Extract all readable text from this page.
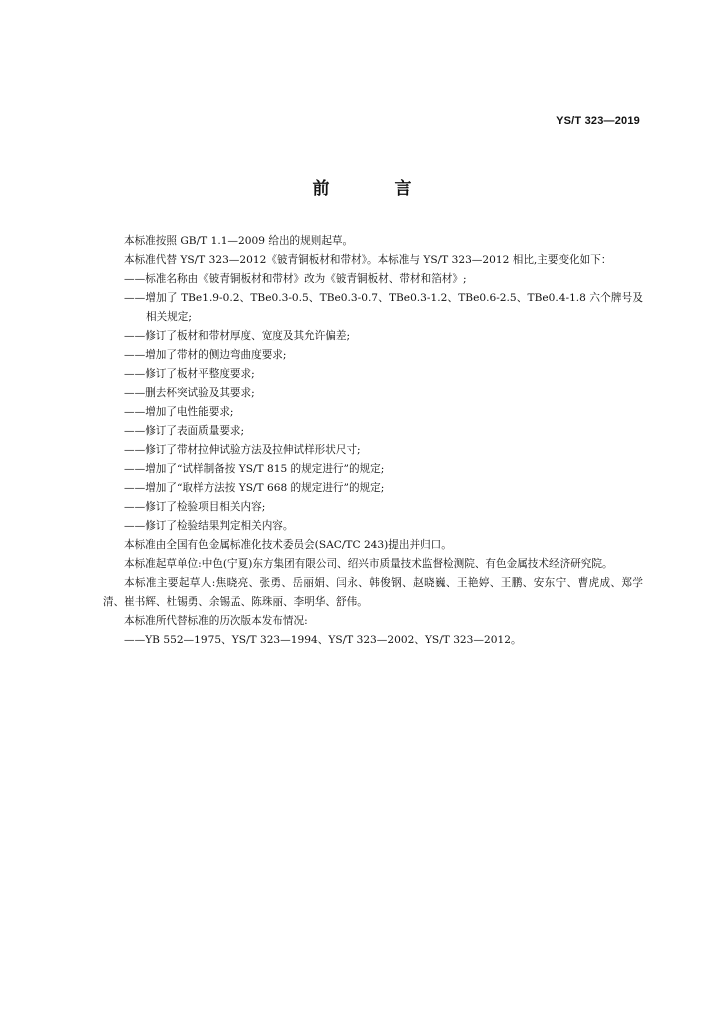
YS/T 323—2019
前　言

本标准按照 GB/T 1.1—2009 给出的规则起草。

本标准代替 YS/T 323—2012《铍青铜板材和带材》。本标准与 YS/T 323—2012 相比,主要变化如下：

——标准名称由《铍青铜板材和带材》改为《铍青铜板材、带材和箔材》;

——增加了 TBe1.9-0.2、TBe0.3-0.5、TBe0.3-0.7、TBe0.3-1.2、TBe0.6-2.5、TBe0.4-1.8 六个牌号及相关规定;

——修订了板材和带材厚度、宽度及其允许偏差;

——增加了带材的侧边弯曲度要求;

——修订了板材平整度要求;

——删去杯突试验及其要求;

——增加了电性能要求;

——修订了表面质量要求;

——修订了带材拉伸试验方法及拉伸试样形状尺寸;

——增加了“试样制备按 YS/T 815 的规定进行”的规定;

——增加了“取样方法按 YS/T 668 的规定进行”的规定;

——修订了检验项目相关内容;

——修订了检验结果判定相关内容。

本标准由全国有色金属标准化技术委员会(SAC/TC 243)提出并归口。

本标准起草单位:中色(宁夏)东方集团有限公司、绍兴市质量技术监督检测院、有色金属技术经济研究院。

本标准主要起草人:焦晓亮、张勇、岳丽娟、闫永、韩俊钢、赵晓巍、王艳婷、王鹏、安东宁、曹虎成、郑学清、崔书辉、杜锡勇、余锡孟、陈珠丽、李明华、舒伟。

本标准所代替标准的历次版本发布情况:

——YB 552—1975、YS/T 323—1994、YS/T 323—2002、YS/T 323—2012。
